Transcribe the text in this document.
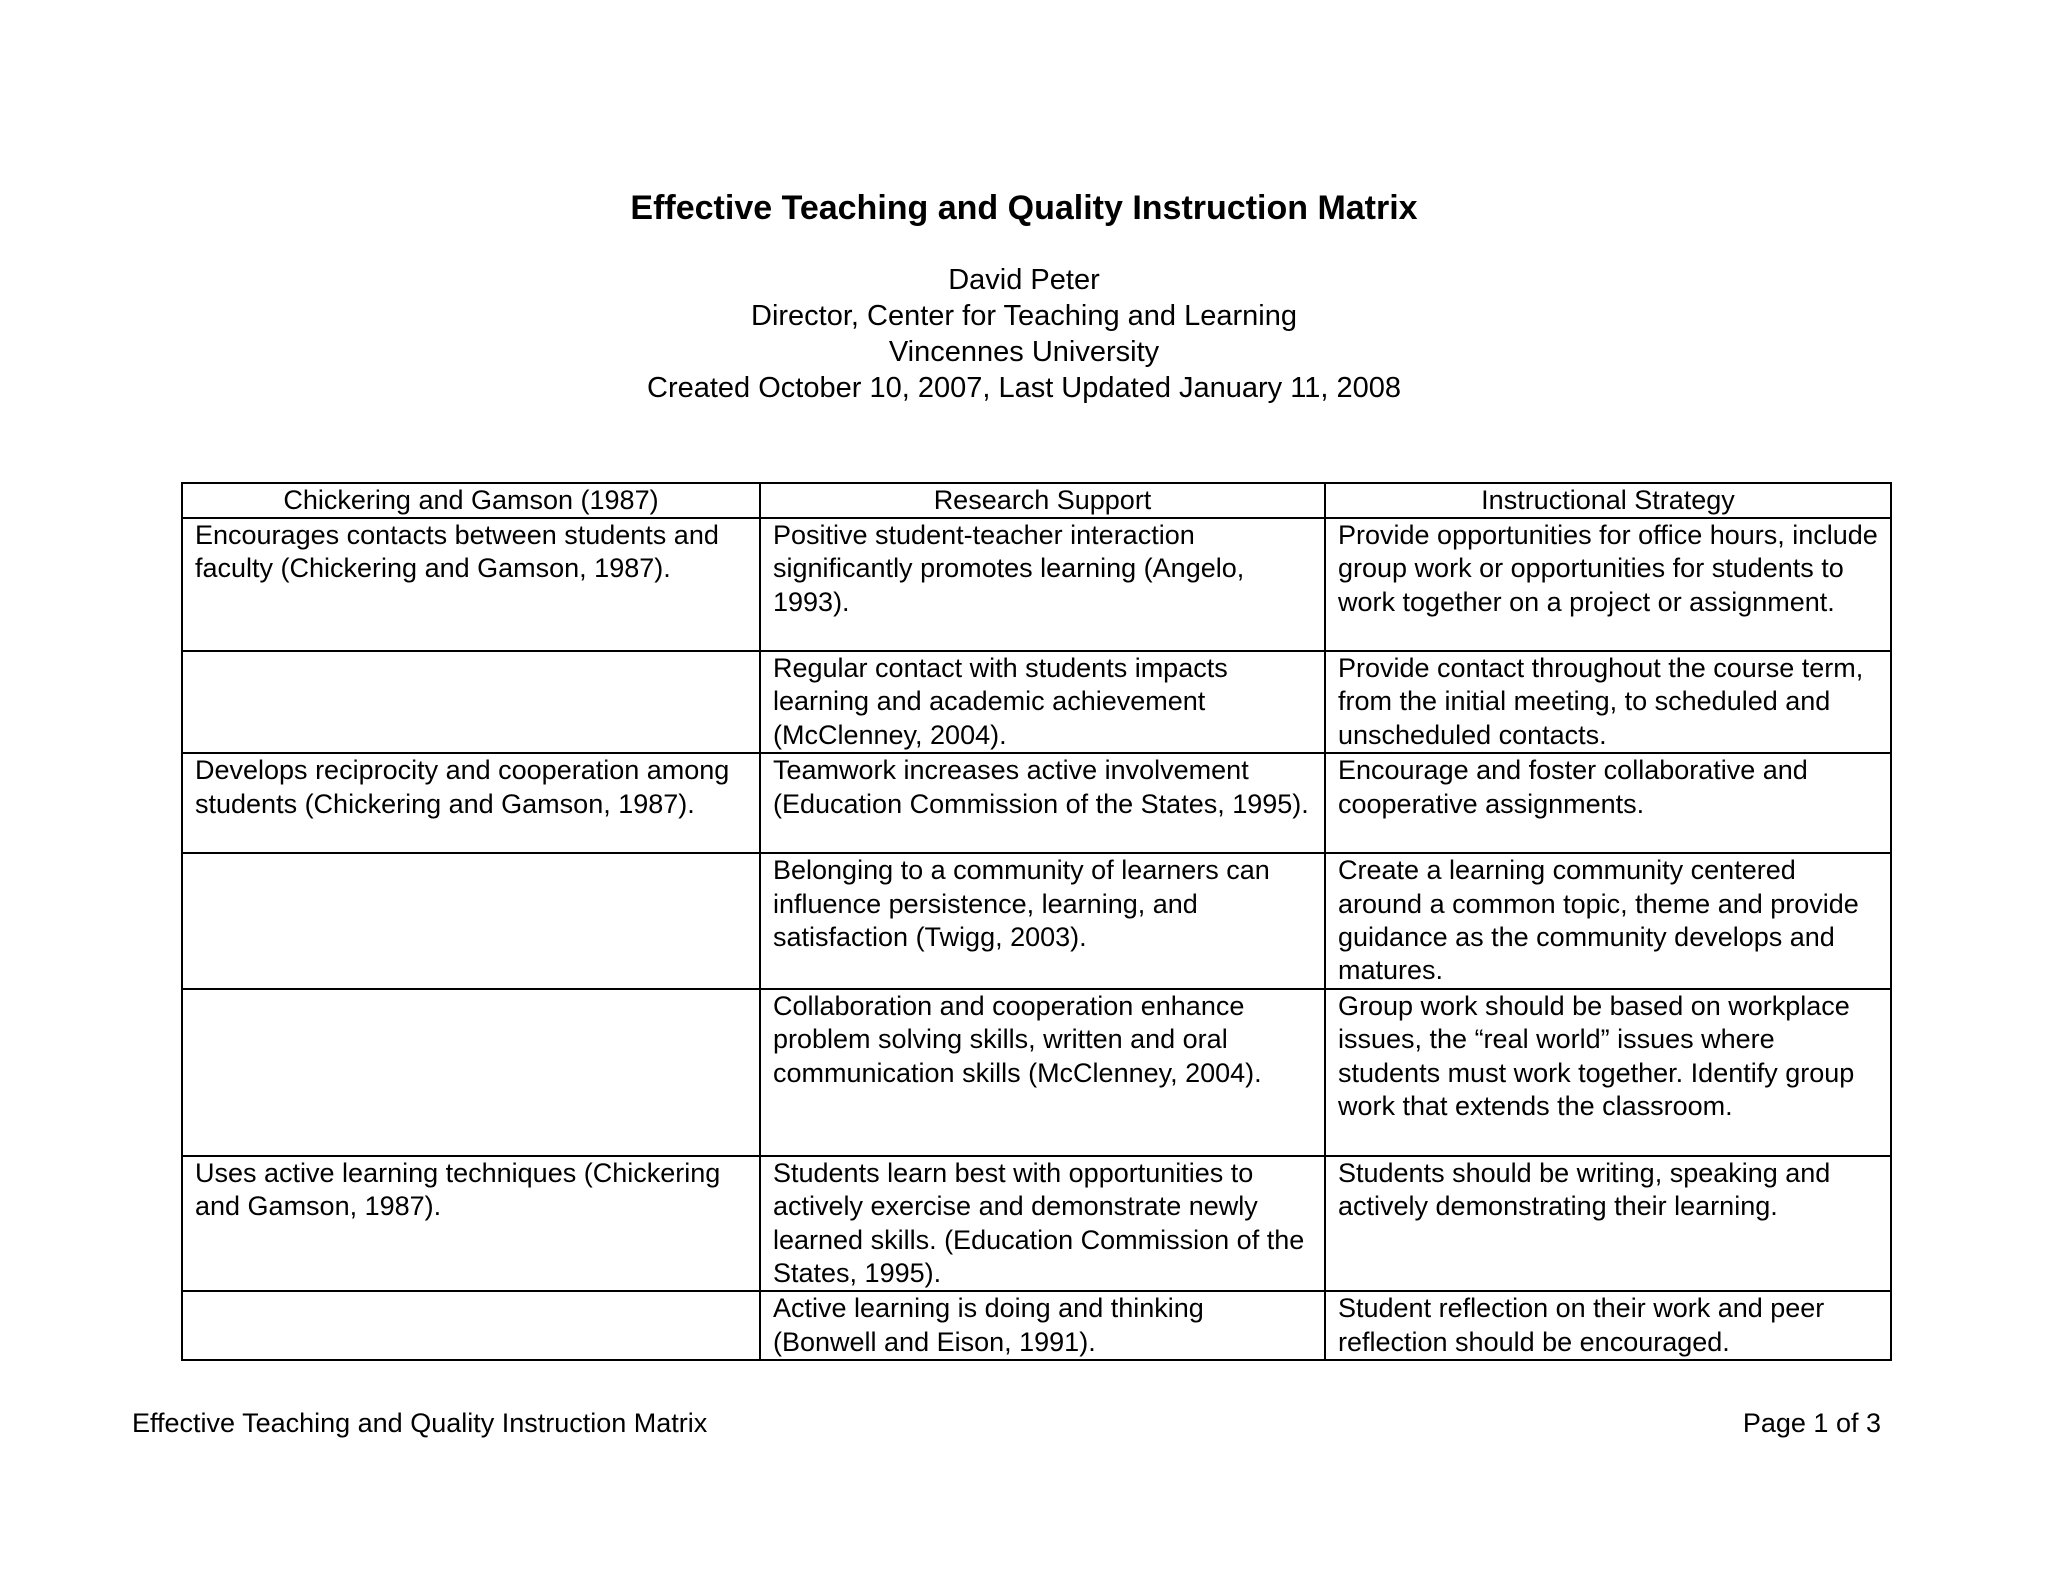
Effective Teaching and Quality Instruction Matrix
David Peter
Director, Center for Teaching and Learning
Vincennes University
Created October 10, 2007, Last Updated January 11, 2008
Chickering and Gamson (1987)	Research Support	Instructional Strategy
Encourages contacts between students and faculty (Chickering and Gamson, 1987).	Positive student-teacher interaction significantly promotes learning (Angelo, 1993).	Provide opportunities for office hours, include group work or opportunities for students to work together on a project or assignment.
	Regular contact with students impacts learning and academic achievement (McClenney, 2004).	Provide contact throughout the course term, from the initial meeting, to scheduled and unscheduled contacts.
Develops reciprocity and cooperation among students (Chickering and Gamson, 1987).	Teamwork increases active involvement (Education Commission of the States, 1995).	Encourage and foster collaborative and cooperative assignments.
	Belonging to a community of learners can influence persistence, learning, and satisfaction (Twigg, 2003).	Create a learning community centered around a common topic, theme and provide guidance as the community develops and matures.
	Collaboration and cooperation enhance problem solving skills, written and oral communication skills (McClenney, 2004).	Group work should be based on workplace issues, the “real world” issues where students must work together. Identify group work that extends the classroom.
Uses active learning techniques (Chickering and Gamson, 1987).	Students learn best with opportunities to actively exercise and demonstrate newly learned skills. (Education Commission of the States, 1995).	Students should be writing, speaking and actively demonstrating their learning.
	Active learning is doing and thinking (Bonwell and Eison, 1991).	Student reflection on their work and peer reflection should be encouraged.
Effective Teaching and Quality Instruction Matrix	Page 1 of 3
